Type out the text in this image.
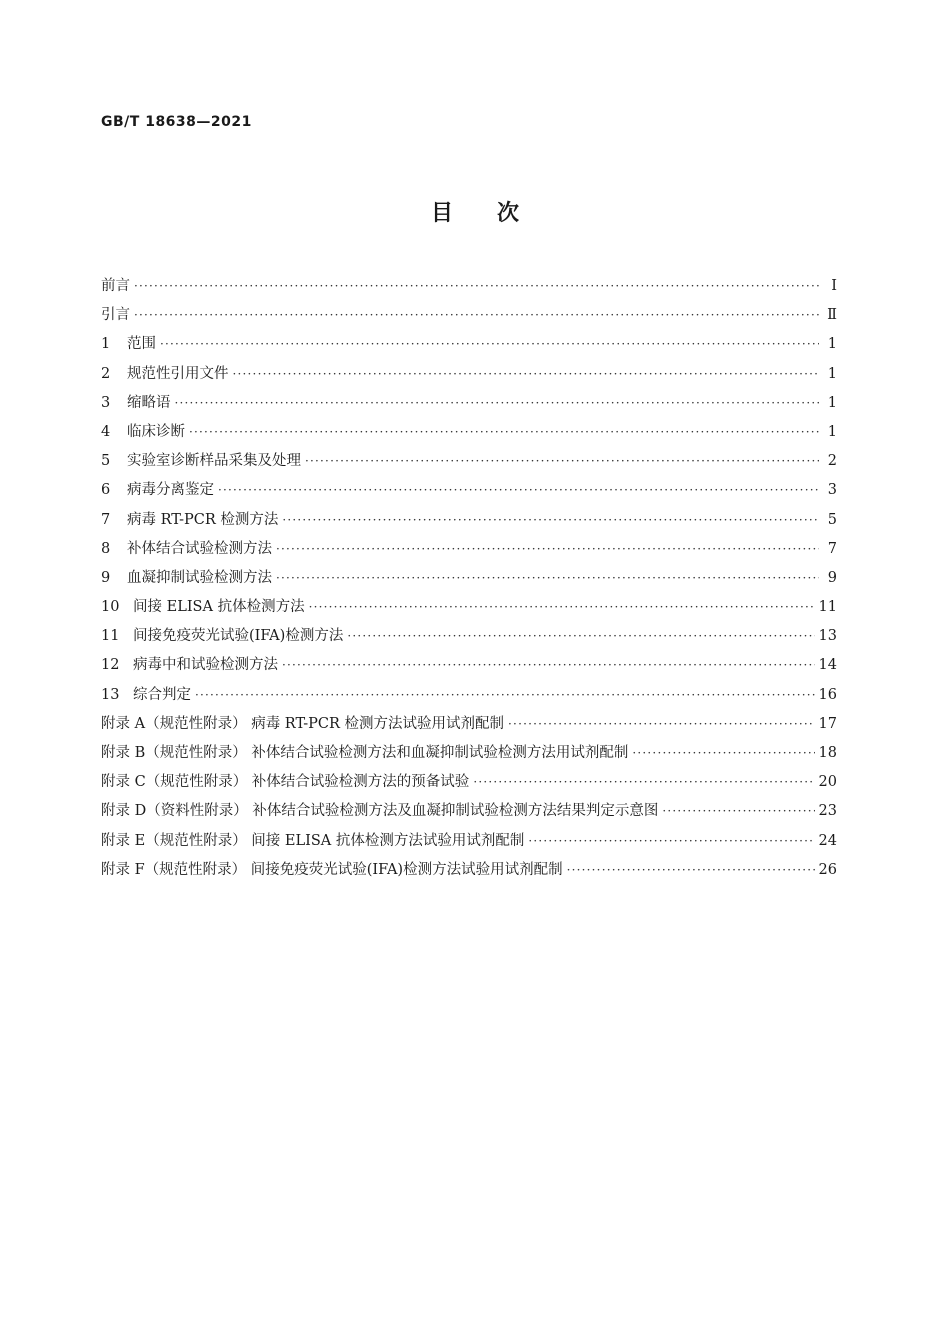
GB/T 18638—2021
目次
前言 ·····	Ⅰ
引言 ·····	Ⅱ
1 范围 ·····	1
2 规范性引用文件 ·····	1
3 缩略语 ·····	1
4 临床诊断 ·····	1
5 实验室诊断样品采集及处理 ·····	2
6 病毒分离鉴定 ·····	3
7 病毒 RT-PCR 检测方法 ·····	5
8 补体结合试验检测方法 ·····	7
9 血凝抑制试验检测方法 ·····	9
10 间接 ELISA 抗体检测方法 ·····	11
11 间接免疫荧光试验(IFA)检测方法 ·····	13
12 病毒中和试验检测方法 ·····	14
13 综合判定 ·····	16
附录 A（规范性附录） 病毒 RT-PCR 检测方法试验用试剂配制 ·····	17
附录 B（规范性附录） 补体结合试验检测方法和血凝抑制试验检测方法用试剂配制 ·····	18
附录 C（规范性附录） 补体结合试验检测方法的预备试验 ·····	20
附录 D（资料性附录） 补体结合试验检测方法及血凝抑制试验检测方法结果判定示意图 ·····	23
附录 E（规范性附录） 间接 ELISA 抗体检测方法试验用试剂配制 ·····	24
附录 F（规范性附录） 间接免疫荧光试验(IFA)检测方法试验用试剂配制 ·····	26
